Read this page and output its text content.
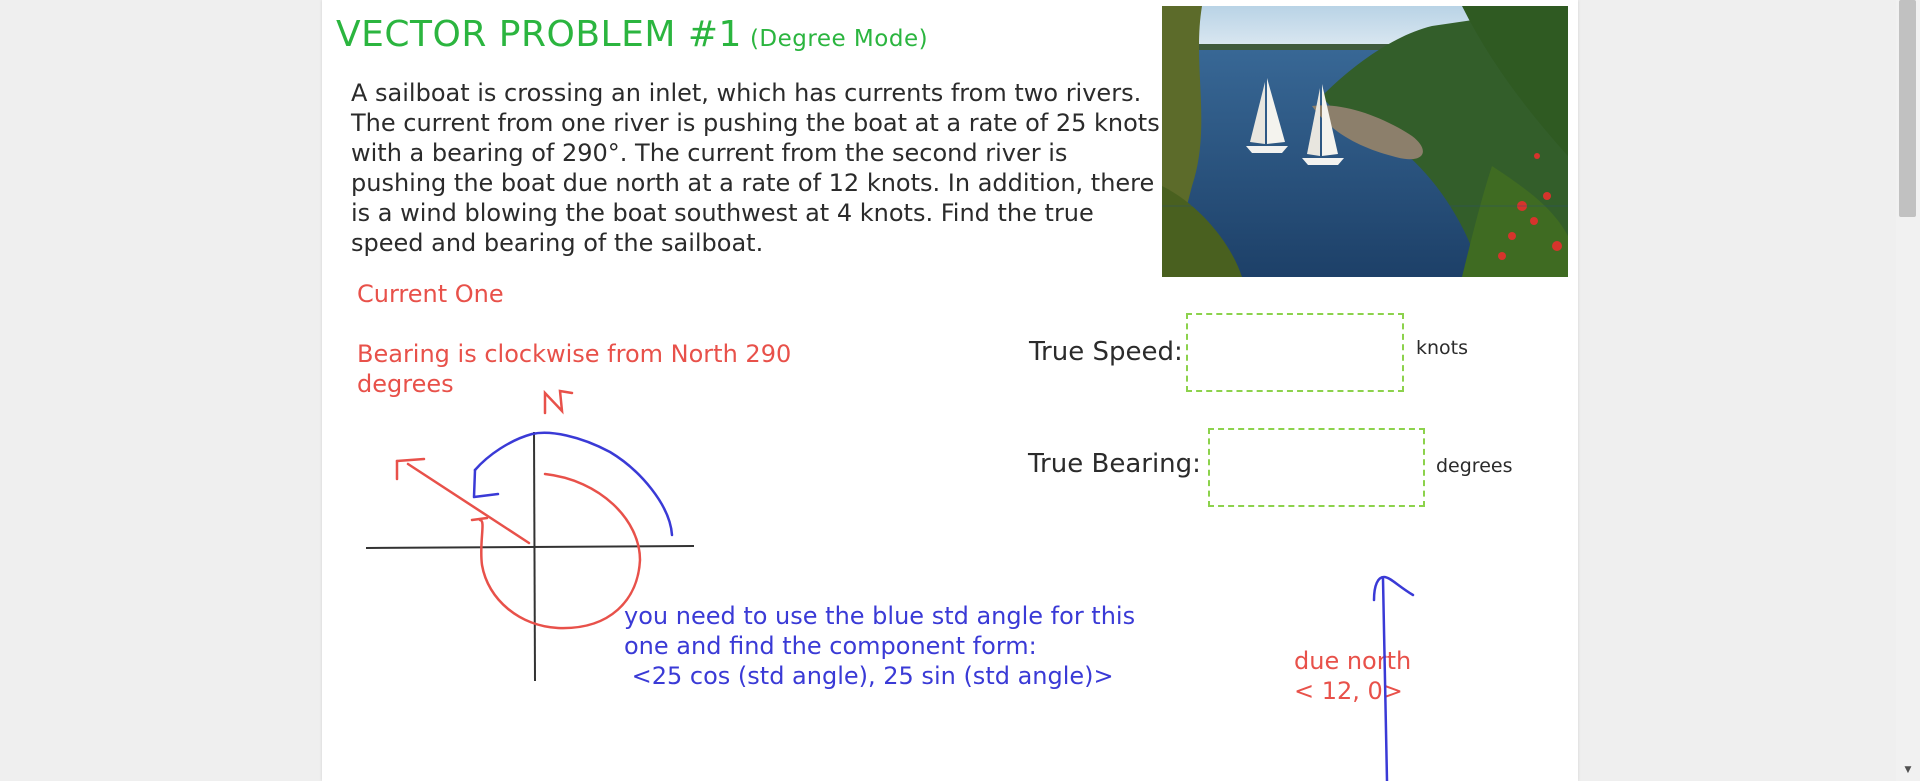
VECTOR PROBLEM #1 (Degree Mode)
A sailboat is crossing an inlet, which has currents from two rivers. The current from one river is pushing the boat at a rate of 25 knots with a bearing of 290°. The current from the second river is pushing the boat due north at a rate of 12 knots. In addition, there is a wind blowing the boat southwest at 4 knots. Find the true speed and bearing of the sailboat.
Current One
Bearing is clockwise from North 290 degrees
you need to use the blue std angle for this
one and find the component form:
<25 cos (std angle), 25 sin (std angle)>
due north
< 12, 0>
True Speed:	knots
True Bearing:	degrees
▼
